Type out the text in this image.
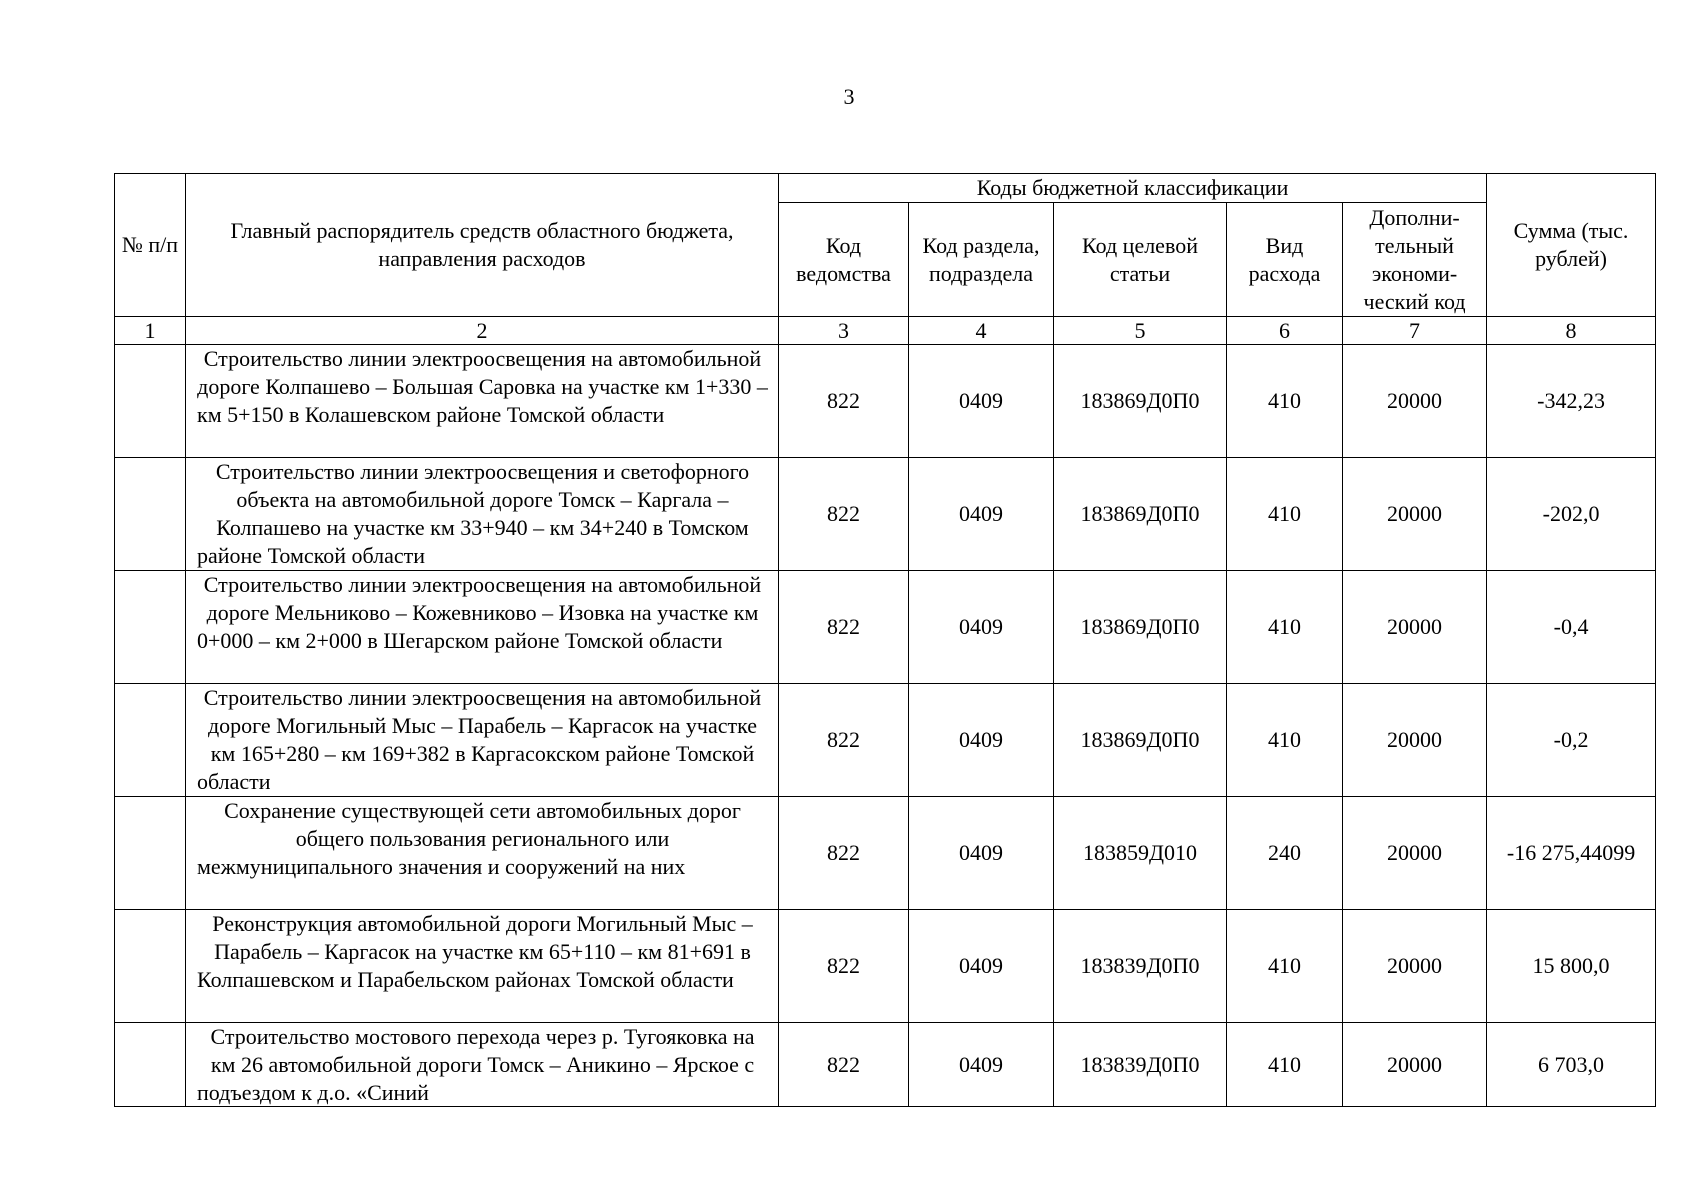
3
№ п/п	Главный распорядитель средств областного бюджета, направления расходов	Коды бюджетной классификации					Сумма (тыс. рублей)
		Код ведомства	Код раздела, подраздела	Код целевой статьи	Вид расхода	Дополни-тельный экономи-ческий код	
1	2	3	4	5	6	7	8
	Строительство линии электроосвещения на автомобильной дороге Колпашево – Большая Саровка на участке км 1+330 – км 5+150 в Колашевском районе Томской области	822	0409	183869Д0П0	410	20000	-342,23
	Строительство линии электроосвещения и светофорного объекта на автомобильной дороге Томск – Каргала – Колпашево на участке км 33+940 – км 34+240 в Томском районе Томской области	822	0409	183869Д0П0	410	20000	-202,0
	Строительство линии электроосвещения на автомобильной дороге Мельниково – Кожевниково – Изовка на участке км 0+000 – км 2+000 в Шегарском районе Томской области	822	0409	183869Д0П0	410	20000	-0,4
	Строительство линии электроосвещения на автомобильной дороге Могильный Мыс – Парабель – Каргасок на участке км 165+280 – км 169+382 в Каргасокском районе Томской области	822	0409	183869Д0П0	410	20000	-0,2
	Сохранение существующей сети автомобильных дорог общего пользования регионального или межмуниципального значения и сооружений на них	822	0409	183859Д010	240	20000	-16 275,44099
	Реконструкция автомобильной дороги Могильный Мыс – Парабель – Каргасок на участке км 65+110 – км 81+691 в Колпашевском и Парабельском районах Томской области	822	0409	183839Д0П0	410	20000	15 800,0

	Строительство мостового перехода через р. Тугояковка на км 26 автомобильной дороги Томск – Аникино – Ярское с подъездом к д.о. «Синий	822	0409	183839Д0П0	410	20000	6 703,0
